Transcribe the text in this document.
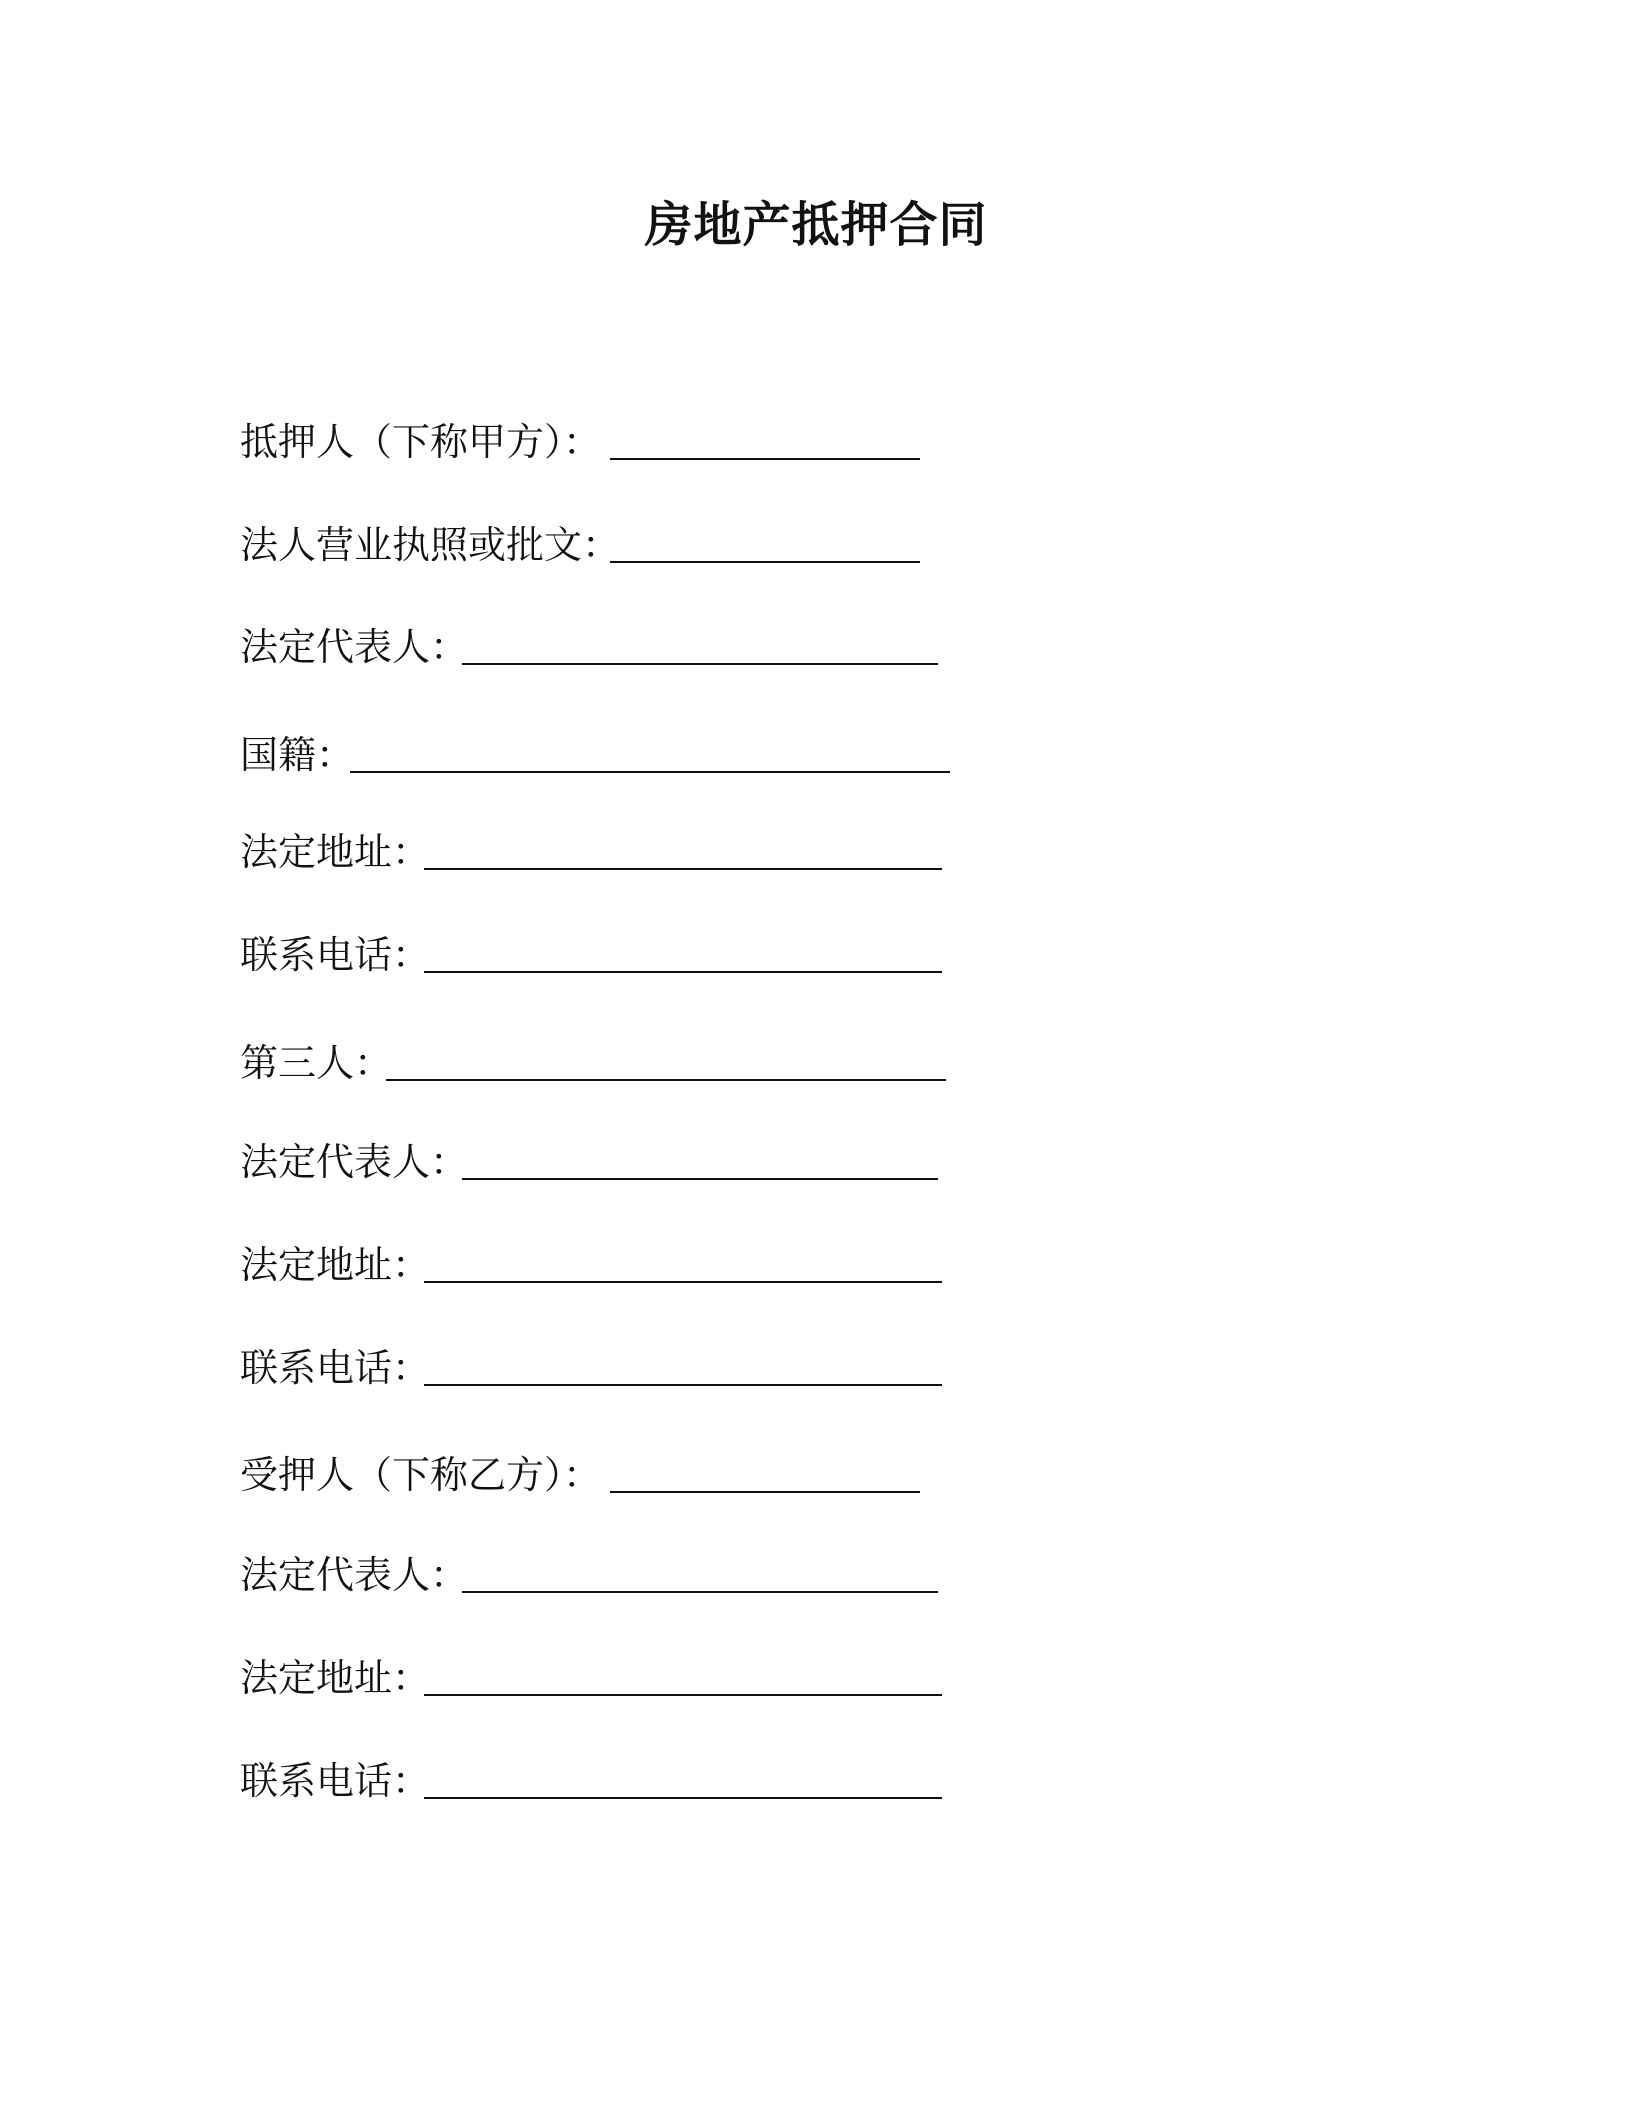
房地产抵押合同
抵押人（下称甲方）：
法人营业执照或批文：
法定代表人：
国籍：
法定地址：
联系电话：
第三人：
法定代表人：
法定地址：
联系电话：
受押人（下称乙方）：
法定代表人：
法定地址：
联系电话：
